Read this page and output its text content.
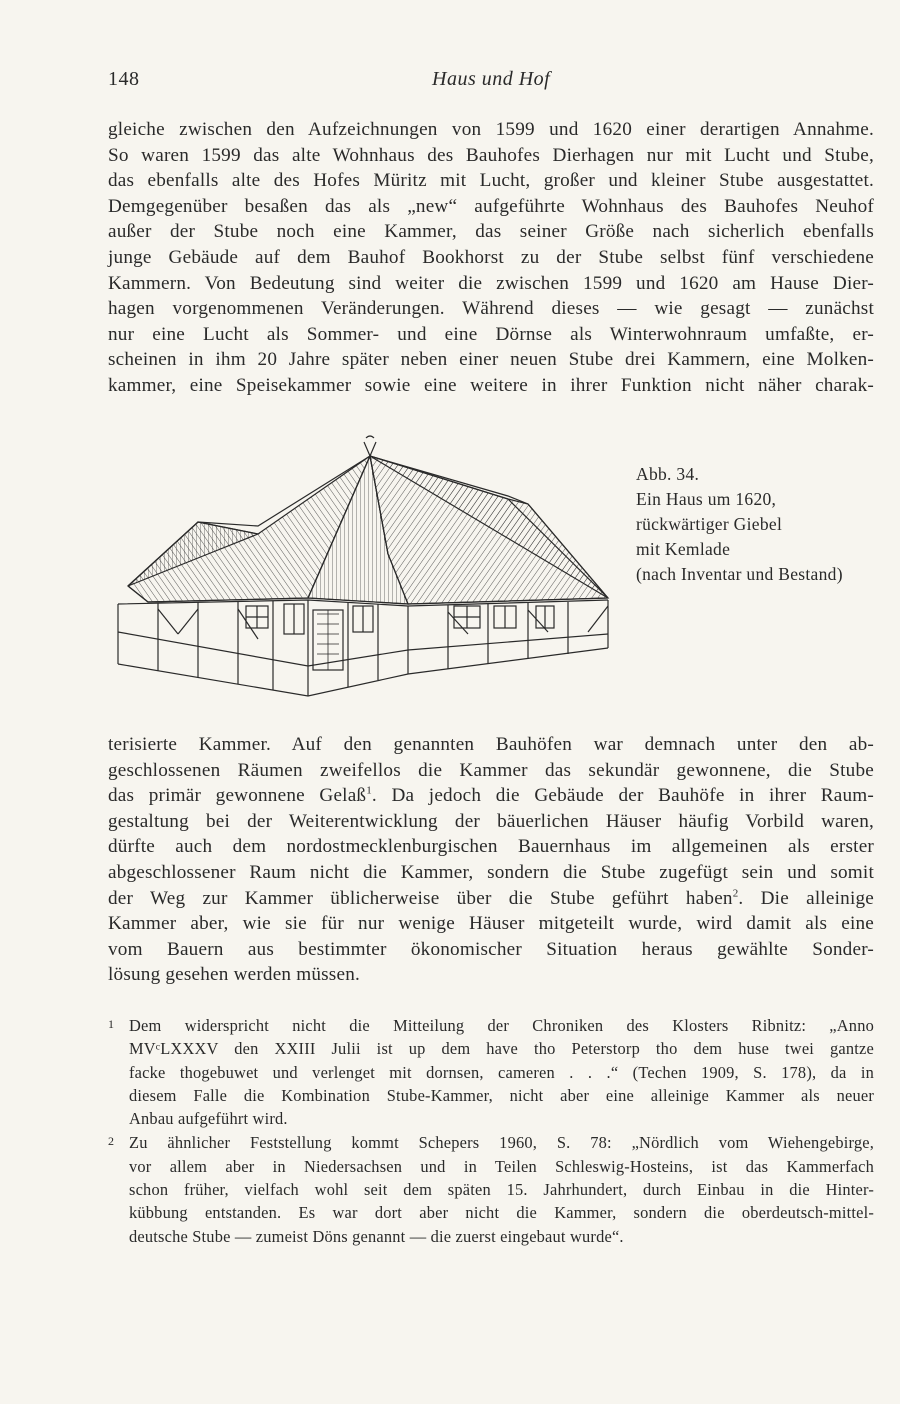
148	Haus und Hof
gleiche zwischen den Aufzeichnungen von 1599 und 1620 einer derartigen Annahme.
So waren 1599 das alte Wohnhaus des Bauhofes Dierhagen nur mit Lucht und Stube,
das ebenfalls alte des Hofes Müritz mit Lucht, großer und kleiner Stube ausgestattet.
Demgegenüber besaßen das als „new“ aufgeführte Wohnhaus des Bauhofes Neuhof
außer der Stube noch eine Kammer, das seiner Größe nach sicherlich ebenfalls
junge Gebäude auf dem Bauhof Bookhorst zu der Stube selbst fünf verschiedene
Kammern. Von Bedeutung sind weiter die zwischen 1599 und 1620 am Hause Dier-
hagen vorgenommenen Veränderungen. Während dieses — wie gesagt — zunächst
nur eine Lucht als Sommer- und eine Dörnse als Winterwohnraum umfaßte, er-
scheinen in ihm 20 Jahre später neben einer neuen Stube drei Kammern, eine Molken-
kammer, eine Speisekammer sowie eine weitere in ihrer Funktion nicht näher charak-
Abb. 34.
Ein Haus um 1620,
rückwärtiger Giebel
mit Kemlade
(nach Inventar und Bestand)
terisierte Kammer. Auf den genannten Bauhöfen war demnach unter den ab-
geschlossenen Räumen zweifellos die Kammer das sekundär gewonnene, die Stube
das primär gewonnene Gelaß$^1$. Da jedoch die Gebäude der Bauhöfe in ihrer Raum-
gestaltung bei der Weiterentwicklung der bäuerlichen Häuser häufig Vorbild waren,
dürfte auch dem nordostmecklenburgischen Bauernhaus im allgemeinen als erster
abgeschlossener Raum nicht die Kammer, sondern die Stube zugefügt sein und somit
der Weg zur Kammer üblicherweise über die Stube geführt haben$^2$. Die alleinige
Kammer aber, wie sie für nur wenige Häuser mitgeteilt wurde, wird damit als eine
vom Bauern aus bestimmter ökonomischer Situation heraus gewählte Sonder-
lösung gesehen werden müssen.
1 Dem widerspricht nicht die Mitteilung der Chroniken des Klosters Ribnitz: „Anno
MVᶜLXXXV den XXIII Julii ist up dem have tho Peterstorp tho dem huse twei gantze
facke thogebuwet und verlenget mit dornsen, cameren . . .“ (Techen 1909, S. 178), da in
diesem Falle die Kombination Stube-Kammer, nicht aber eine alleinige Kammer als neuer
Anbau aufgeführt wird.
2 Zu ähnlicher Feststellung kommt Schepers 1960, S. 78: „Nördlich vom Wiehengebirge,
vor allem aber in Niedersachsen und in Teilen Schleswig-Hosteins, ist das Kammerfach
schon früher, vielfach wohl seit dem späten 15. Jahrhundert, durch Einbau in die Hinter-
kübbung entstanden. Es war dort aber nicht die Kammer, sondern die oberdeutsch-mittel-
deutsche Stube — zumeist Döns genannt — die zuerst eingebaut wurde“.
